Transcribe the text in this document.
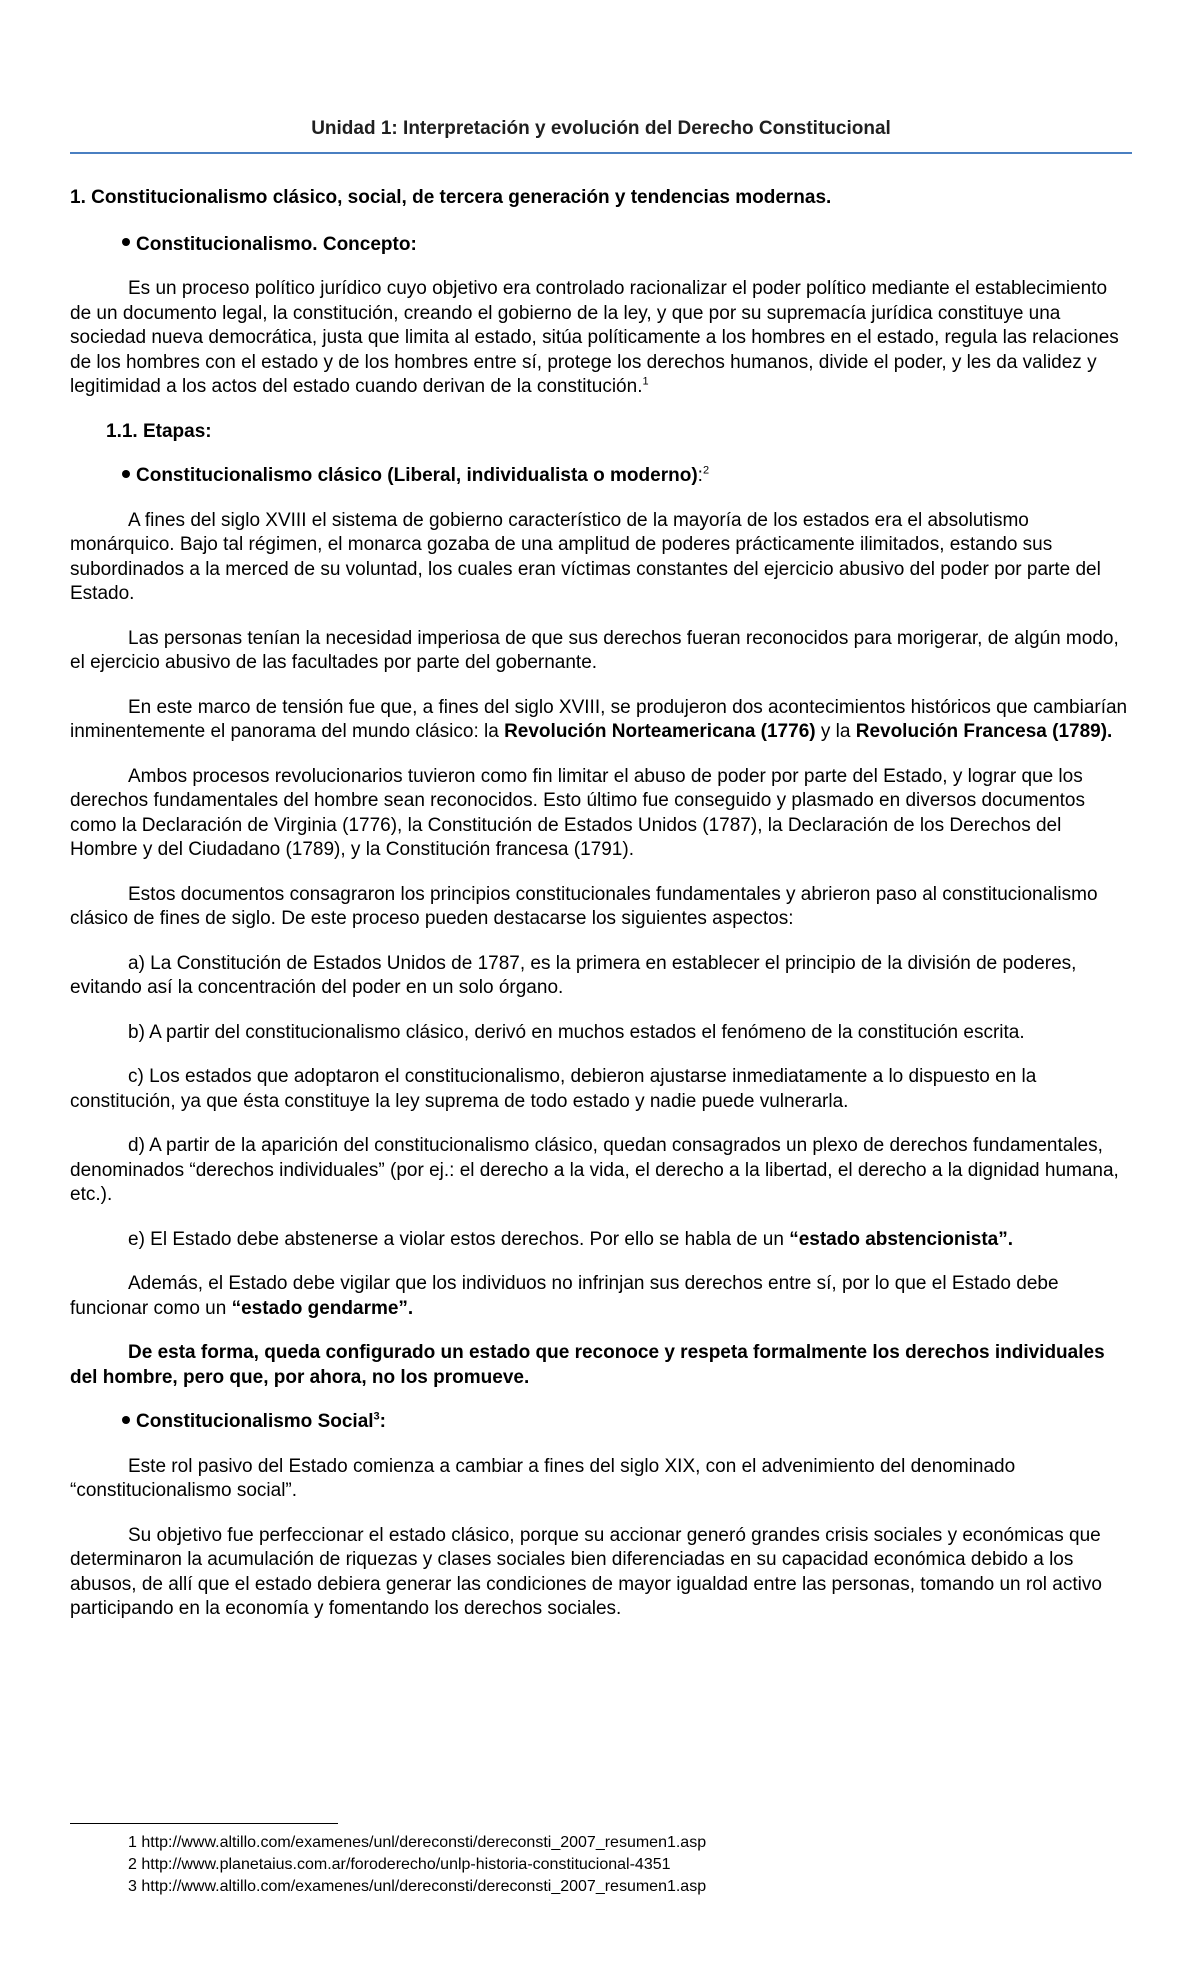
Unidad 1: Interpretación y evolución del Derecho Constitucional

1. Constitucionalismo clásico, social, de tercera generación y tendencias modernas.

Constitucionalismo. Concepto:

Es un proceso político jurídico cuyo objetivo era controlado racionalizar el poder político mediante el establecimiento de un documento legal, la constitución, creando el gobierno de la ley, y que por su supremacía jurídica constituye una sociedad nueva democrática, justa que limita al estado, sitúa políticamente a los hombres en el estado, regula las relaciones de los hombres con el estado y de los hombres entre sí, protege los derechos humanos, divide el poder, y les da validez y legitimidad a los actos del estado cuando derivan de la constitución.$^1$

1.1. Etapas:

Constitucionalismo clásico (Liberal, individualista o moderno):$^2$

A fines del siglo XVIII el sistema de gobierno característico de la mayoría de los estados era el absolutismo monárquico. Bajo tal régimen, el monarca gozaba de una amplitud de poderes prácticamente ilimitados, estando sus subordinados a la merced de su voluntad, los cuales eran víctimas constantes del ejercicio abusivo del poder por parte del Estado.

Las personas tenían la necesidad imperiosa de que sus derechos fueran reconocidos para morigerar, de algún modo, el ejercicio abusivo de las facultades por parte del gobernante.

En este marco de tensión fue que, a fines del siglo XVIII, se produjeron dos acontecimientos históricos que cambiarían inminentemente el panorama del mundo clásico: la Revolución Norteamericana (1776) y la Revolución Francesa (1789).

Ambos procesos revolucionarios tuvieron como fin limitar el abuso de poder por parte del Estado, y lograr que los derechos fundamentales del hombre sean reconocidos. Esto último fue conseguido y plasmado en diversos documentos como la Declaración de Virginia (1776), la Constitución de Estados Unidos (1787), la Declaración de los Derechos del Hombre y del Ciudadano (1789), y la Constitución francesa (1791).

Estos documentos consagraron los principios constitucionales fundamentales y abrieron paso al constitucionalismo clásico de fines de siglo. De este proceso pueden destacarse los siguientes aspectos:

a) La Constitución de Estados Unidos de 1787, es la primera en establecer el principio de la división de poderes, evitando así la concentración del poder en un solo órgano.

b) A partir del constitucionalismo clásico, derivó en muchos estados el fenómeno de la constitución escrita.

c) Los estados que adoptaron el constitucionalismo, debieron ajustarse inmediatamente a lo dispuesto en la constitución, ya que ésta constituye la ley suprema de todo estado y nadie puede vulnerarla.

d) A partir de la aparición del constitucionalismo clásico, quedan consagrados un plexo de derechos fundamentales, denominados “derechos individuales” (por ej.: el derecho a la vida, el derecho a la libertad, el derecho a la dignidad humana, etc.).

e) El Estado debe abstenerse a violar estos derechos. Por ello se habla de un “estado abstencionista”.

Además, el Estado debe vigilar que los individuos no infrinjan sus derechos entre sí, por lo que el Estado debe funcionar como un “estado gendarme”.

De esta forma, queda configurado un estado que reconoce y respeta formalmente los derechos individuales del hombre, pero que, por ahora, no los promueve.

Constitucionalismo Social$^3$:

Este rol pasivo del Estado comienza a cambiar a fines del siglo XIX, con el advenimiento del denominado “constitucionalismo social”.

Su objetivo fue perfeccionar el estado clásico, porque su accionar generó grandes crisis sociales y económicas que determinaron la acumulación de riquezas y clases sociales bien diferenciadas en su capacidad económica debido a los abusos, de allí que el estado debiera generar las condiciones de mayor igualdad entre las personas, tomando un rol activo participando en la economía y fomentando los derechos sociales.

1 http://www.altillo.com/examenes/unl/dereconsti/dereconsti_2007_resumen1.asp
2 http://www.planetaius.com.ar/foroderecho/unlp-historia-constitucional-4351
3 http://www.altillo.com/examenes/unl/dereconsti/dereconsti_2007_resumen1.asp
